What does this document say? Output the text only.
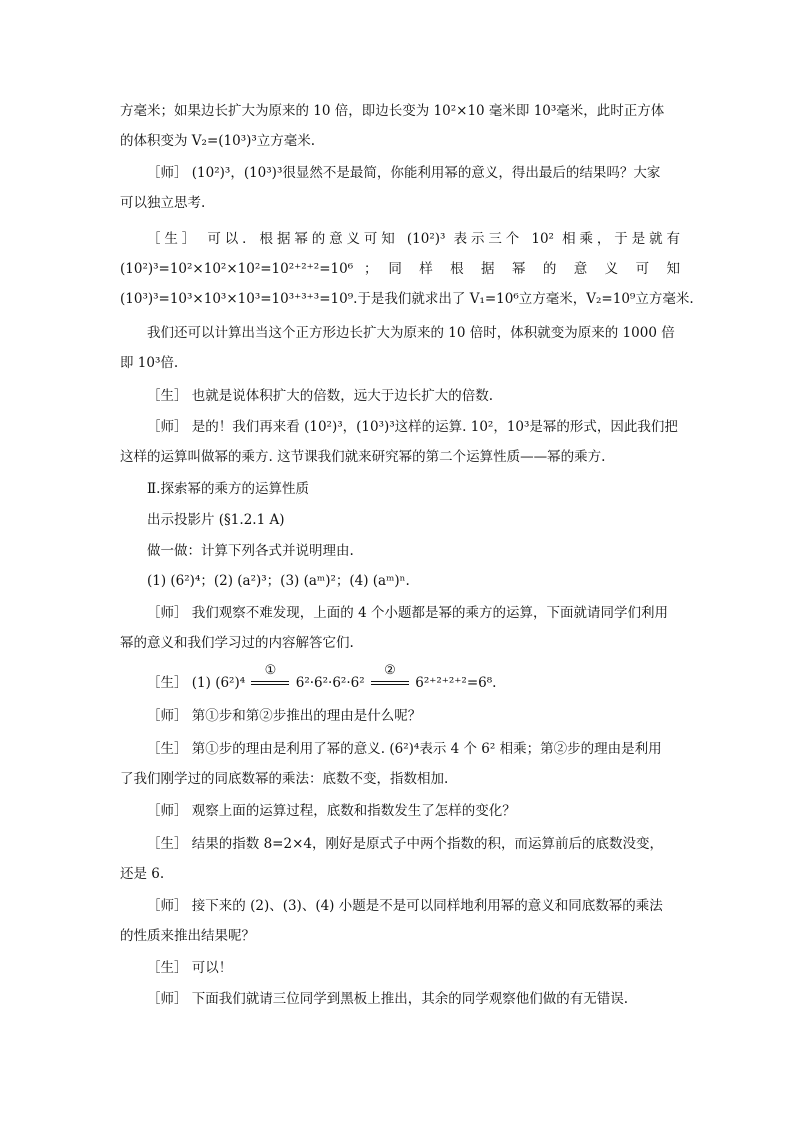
方毫米；如果边长扩大为原来的 10 倍，即边长变为 10²×10 毫米即 10³毫米，此时正方体
的体积变为 V₂=(10³)³立方毫米.
［师］ (10²)³，(10³)³很显然不是最简，你能利用幂的意义，得出最后的结果吗？大家
可以独立思考.
［生］ 可以．根据幂的意义可知 (10²)³ 表示三个 10² 相乘，于是就有
(10²)³=10²×10²×10²=10²⁺²⁺²=10⁶ ； 同 样 根 据 幂 的 意 义 可 知
(10³)³=10³×10³×10³=10³⁺³⁺³=10⁹.于是我们就求出了 V₁=10⁶立方毫米，V₂=10⁹立方毫米.
我们还可以计算出当这个正方形边长扩大为原来的 10 倍时，体积就变为原来的 1000 倍
即 10³倍.
［生］ 也就是说体积扩大的倍数，远大于边长扩大的倍数.
［师］ 是的！我们再来看 (10²)³，(10³)³这样的运算. 10²，10³是幂的形式，因此我们把
这样的运算叫做幂的乘方. 这节课我们就来研究幂的第二个运算性质——幂的乘方.
Ⅱ.探索幂的乘方的运算性质
出示投影片 (§1.2.1 A)
做一做：计算下列各式并说明理由.
(1) (6²)⁴；(2) (a²)³；(3) (aᵐ)²；(4) (aᵐ)ⁿ.
［师］ 我们观察不难发现，上面的 4 个小题都是幂的乘方的运算，下面就请同学们利用
幂的意义和我们学习过的内容解答它们.
［生］ (1) (6²)⁴
①
6²·6²·6²·6²
②
6²⁺²⁺²⁺²=6⁸.
［师］ 第①步和第②步推出的理由是什么呢？
［生］ 第①步的理由是利用了幂的意义. (6²)⁴表示 4 个 6² 相乘；第②步的理由是利用
了我们刚学过的同底数幂的乘法：底数不变，指数相加.
［师］ 观察上面的运算过程，底数和指数发生了怎样的变化？
［生］ 结果的指数 8=2×4，刚好是原式子中两个指数的积，而运算前后的底数没变，
还是 6.
［师］ 接下来的 (2)、(3)、(4) 小题是不是可以同样地利用幂的意义和同底数幂的乘法
的性质来推出结果呢？
［生］ 可以！
［师］ 下面我们就请三位同学到黑板上推出，其余的同学观察他们做的有无错误.
